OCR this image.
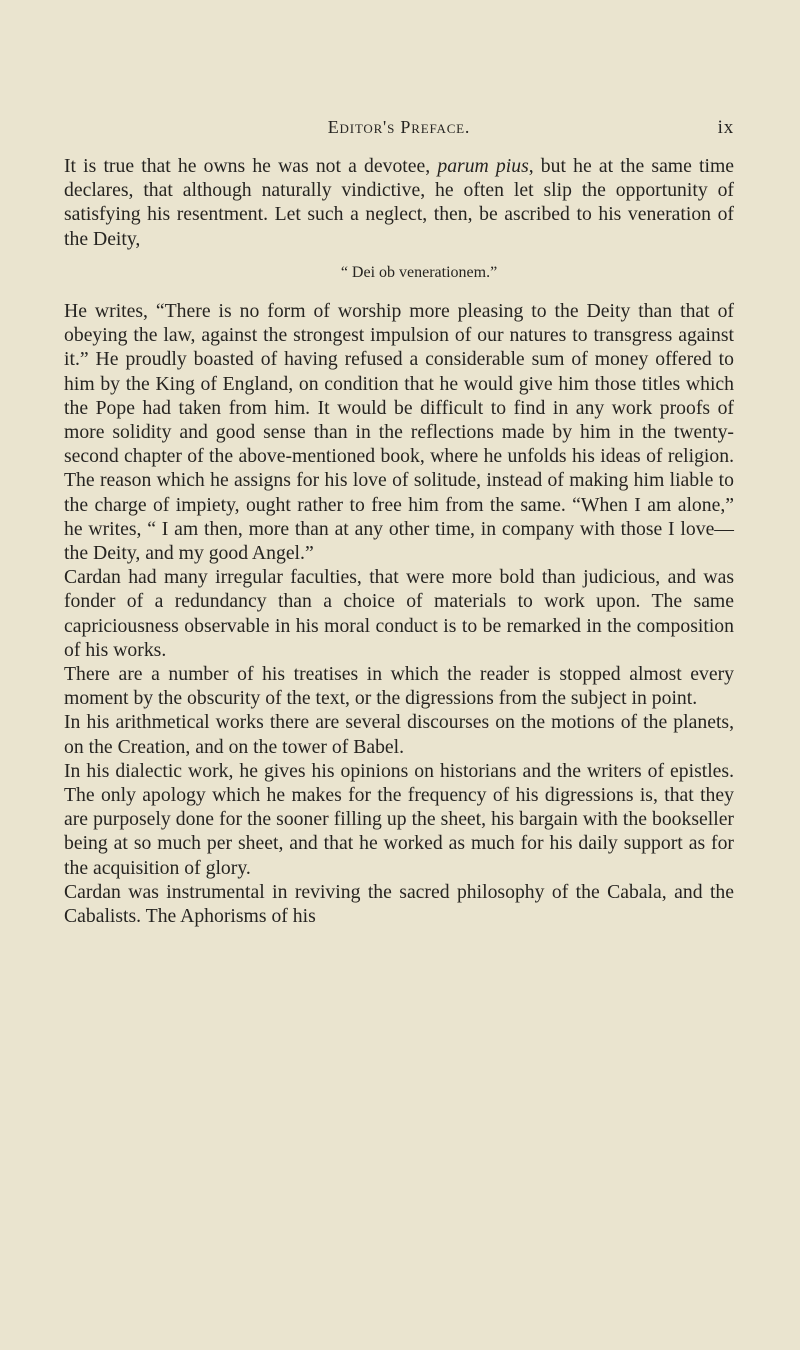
Editor's Preface.	ix

It is true that he owns he was not a devotee, parum pius, but he at the same time declares, that although naturally vindictive, he often let slip the opportunity of satisfying his resentment. Let such a neglect, then, be ascribed to his veneration of the Deity,

“ Dei ob venerationem.”

He writes, “There is no form of worship more pleasing to the Deity than that of obeying the law, against the strongest impulsion of our natures to transgress against it.” He proudly boasted of having refused a considerable sum of money offered to him by the King of England, on condition that he would give him those titles which the Pope had taken from him. It would be difficult to find in any work proofs of more solidity and good sense than in the reflections made by him in the twenty-second chapter of the above-mentioned book, where he unfolds his ideas of religion. The reason which he assigns for his love of solitude, instead of making him liable to the charge of impiety, ought rather to free him from the same. “When I am alone,” he writes, “ I am then, more than at any other time, in company with those I love—the Deity, and my good Angel.”

Cardan had many irregular faculties, that were more bold than judicious, and was fonder of a redundancy than a choice of materials to work upon. The same capriciousness observable in his moral conduct is to be remarked in the composition of his works.

There are a number of his treatises in which the reader is stopped almost every moment by the obscurity of the text, or the digressions from the subject in point.

In his arithmetical works there are several discourses on the motions of the planets, on the Creation, and on the tower of Babel.

In his dialectic work, he gives his opinions on historians and the writers of epistles. The only apology which he makes for the frequency of his digressions is, that they are purposely done for the sooner filling up the sheet, his bargain with the bookseller being at so much per sheet, and that he worked as much for his daily support as for the acquisition of glory.

Cardan was instrumental in reviving the sacred philosophy of the Cabala, and the Cabalists. The Aphorisms of his
